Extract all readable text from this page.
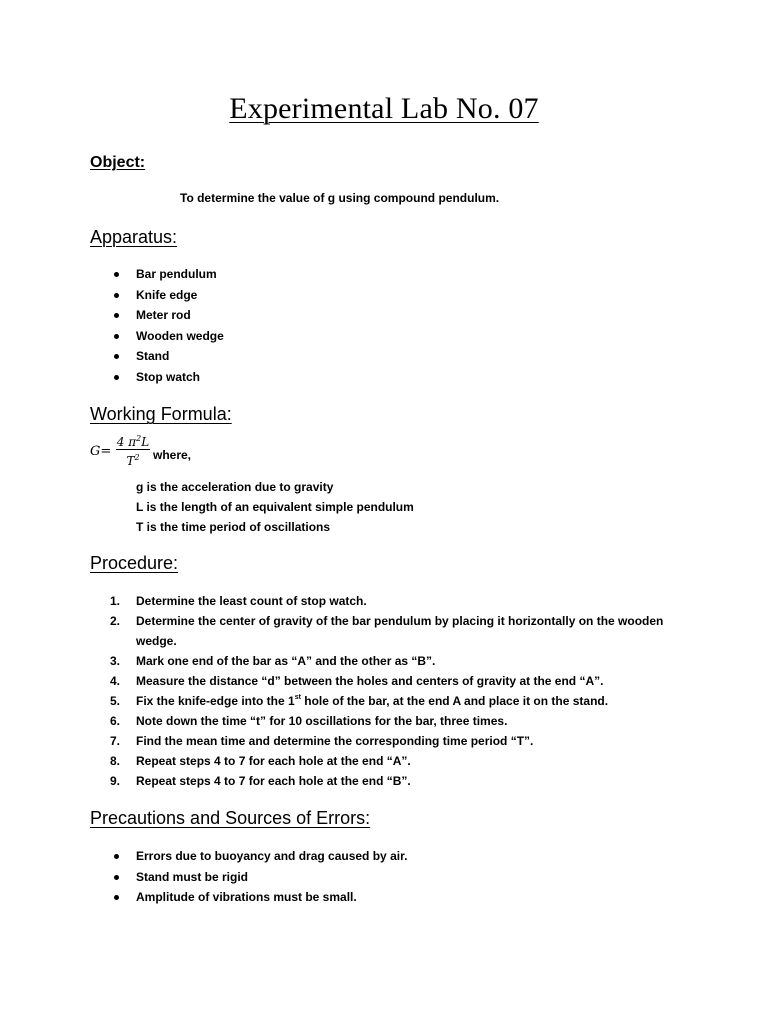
Experimental Lab No. 07
Object:
To determine the value of g using compound pendulum.
Apparatus:
Bar pendulum
Knife edge
Meter rod
Wooden wedge
Stand
Stop watch
Working Formula:
G=
4 $\pi^2L$
$T^2$	where,
g is the acceleration due to gravity
L is the length of an equivalent simple pendulum
T is the time period of oscillations
Procedure:
1. Determine the least count of stop watch.
2. Determine the center of gravity of the bar pendulum by placing it horizontally on the wooden wedge.
3. Mark one end of the bar as “A” and the other as “B”.
4. Measure the distance “d” between the holes and centers of gravity at the end “A”.
5. Fix the knife-edge into the 1st hole of the bar, at the end A and place it on the stand.
6. Note down the time “t” for 10 oscillations for the bar, three times.
7. Find the mean time and determine the corresponding time period “T”.
8. Repeat steps 4 to 7 for each hole at the end “A”.
9. Repeat steps 4 to 7 for each hole at the end “B”.
Precautions and Sources of Errors:
Errors due to buoyancy and drag caused by air.
Stand must be rigid
Amplitude of vibrations must be small.
